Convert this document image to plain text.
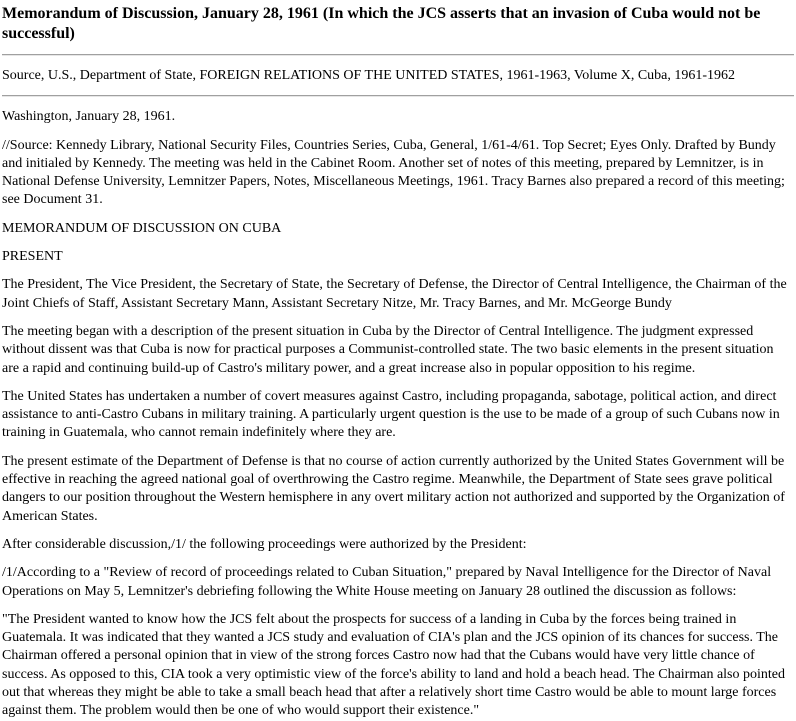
Memorandum of Discussion, January 28, 1961 (In which the JCS asserts that an invasion of Cuba would not be successful)

Source, U.S., Department of State, FOREIGN RELATIONS OF THE UNITED STATES, 1961-1963, Volume X, Cuba, 1961-1962

Washington, January 28, 1961.

//Source: Kennedy Library, National Security Files, Countries Series, Cuba, General, 1/61-4/61. Top Secret; Eyes Only. Drafted by Bundy and initialed by Kennedy. The meeting was held in the Cabinet Room. Another set of notes of this meeting, prepared by Lemnitzer, is in National Defense University, Lemnitzer Papers, Notes, Miscellaneous Meetings, 1961. Tracy Barnes also prepared a record of this meeting; see Document 31.

MEMORANDUM OF DISCUSSION ON CUBA

PRESENT

The President, The Vice President, the Secretary of State, the Secretary of Defense, the Director of Central Intelligence, the Chairman of the Joint Chiefs of Staff, Assistant Secretary Mann, Assistant Secretary Nitze, Mr. Tracy Barnes, and Mr. McGeorge Bundy

The meeting began with a description of the present situation in Cuba by the Director of Central Intelligence. The judgment expressed without dissent was that Cuba is now for practical purposes a Communist-controlled state. The two basic elements in the present situation are a rapid and continuing build-up of Castro's military power, and a great increase also in popular opposition to his regime.

The United States has undertaken a number of covert measures against Castro, including propaganda, sabotage, political action, and direct assistance to anti-Castro Cubans in military training. A particularly urgent question is the use to be made of a group of such Cubans now in training in Guatemala, who cannot remain indefinitely where they are.

The present estimate of the Department of Defense is that no course of action currently authorized by the United States Government will be effective in reaching the agreed national goal of overthrowing the Castro regime. Meanwhile, the Department of State sees grave political dangers to our position throughout the Western hemisphere in any overt military action not authorized and supported by the Organization of American States.

After considerable discussion,/1/ the following proceedings were authorized by the President:

/1/According to a "Review of record of proceedings related to Cuban Situation," prepared by Naval Intelligence for the Director of Naval Operations on May 5, Lemnitzer's debriefing following the White House meeting on January 28 outlined the discussion as follows:

"The President wanted to know how the JCS felt about the prospects for success of a landing in Cuba by the forces being trained in Guatemala. It was indicated that they wanted a JCS study and evaluation of CIA's plan and the JCS opinion of its chances for success. The Chairman offered a personal opinion that in view of the strong forces Castro now had that the Cubans would have very little chance of success. As opposed to this, CIA took a very optimistic view of the force's ability to land and hold a beach head. The Chairman also pointed out that whereas they might be able to take a small beach head that after a relatively short time Castro would be able to mount large forces against them. The problem would then be one of who would support their existence."
